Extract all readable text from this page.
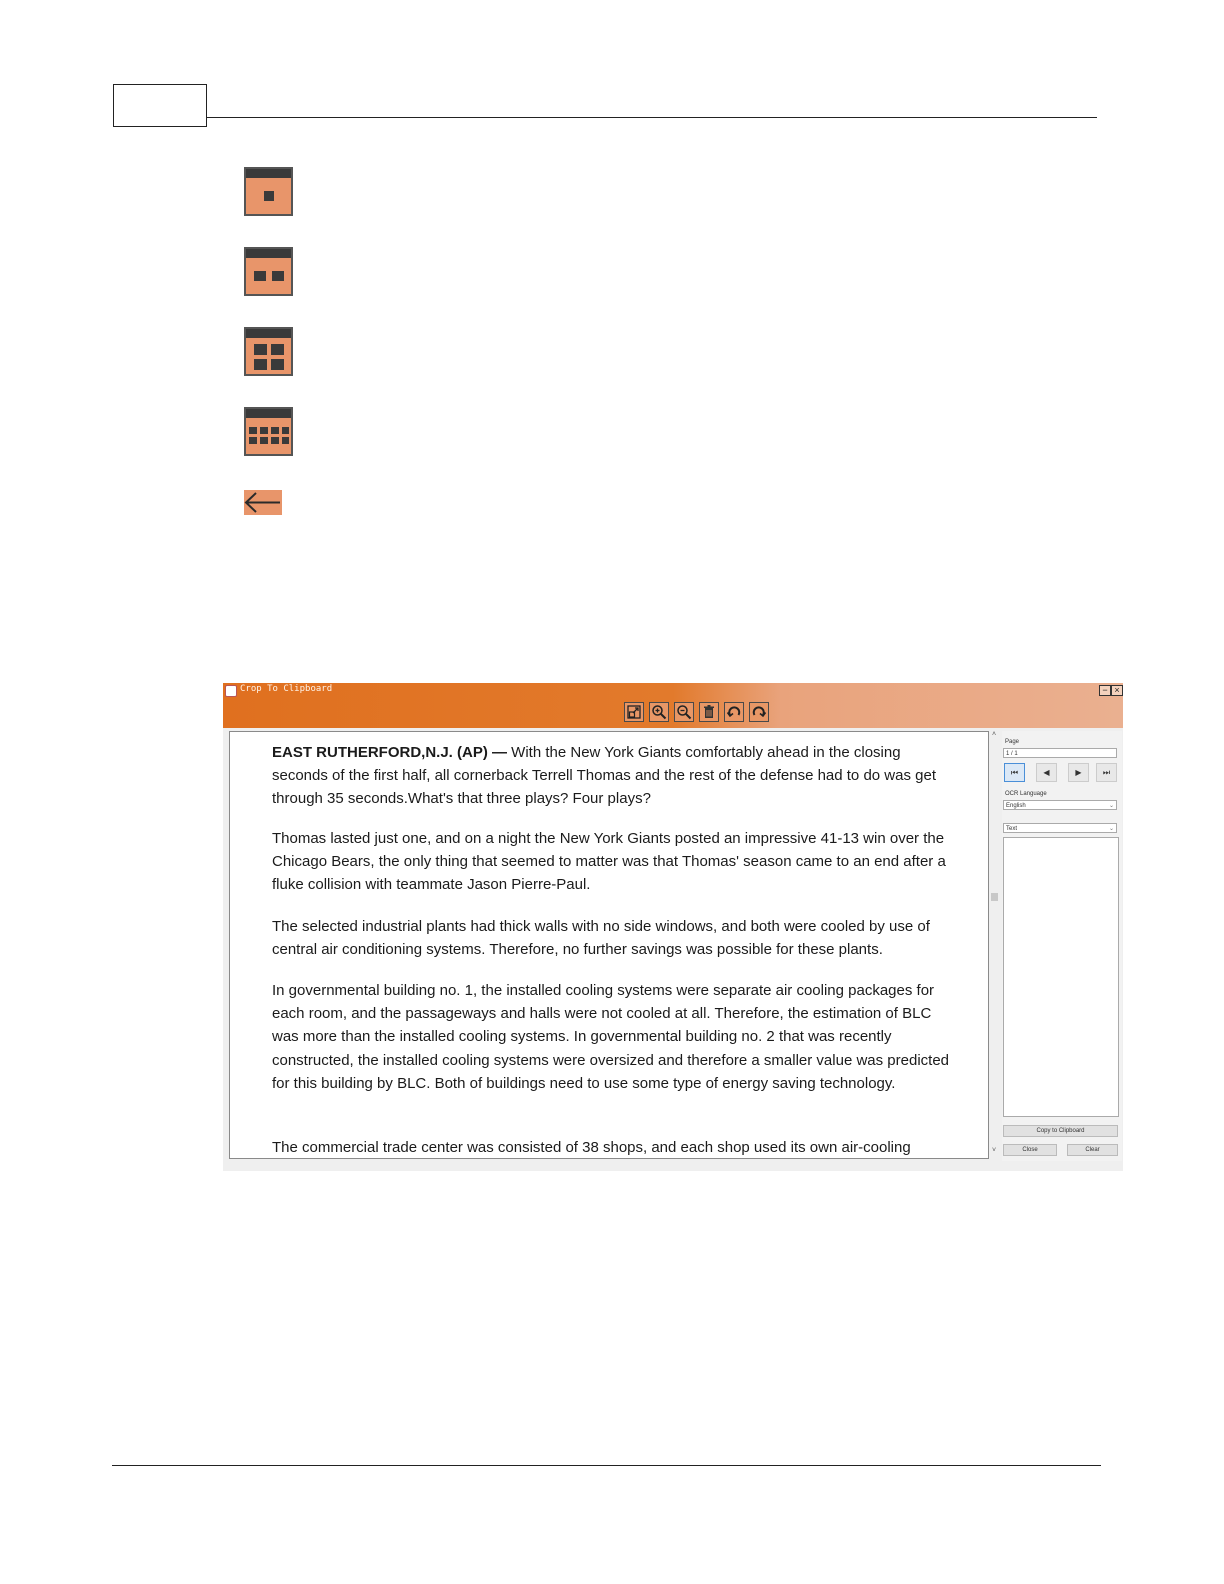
Crop To Clipboard	− ×

EAST RUTHERFORD,N.J. (AP) — With the New York Giants comfortably ahead in the closing seconds of the first half, all cornerback Terrell Thomas and the rest of the defense had to do was get through 35 seconds.What's that three plays? Four plays?

Thomas lasted just one, and on a night the New York Giants posted an impressive 41-13 win over the Chicago Bears, the only thing that seemed to matter was that Thomas' season came to an end after a fluke collision with teammate Jason Pierre-Paul.

The selected industrial plants had thick walls with no side windows, and both were cooled by use of central air conditioning systems. Therefore, no further savings was possible for these plants.

In governmental building no. 1, the installed cooling systems were separate air cooling packages for each room, and the passageways and halls were not cooled at all. Therefore, the estimation of BLC was more than the installed cooling systems. In governmental building no. 2 that was recently constructed, the installed cooling systems were oversized and therefore a smaller value was predicted for this building by BLC. Both of buildings need to use some type of energy saving technology.

The commercial trade center was consisted of 38 shops, and each shop used its own air-cooling

˄
˅
Page
1 / 1
⏮	◀	▶	⏭
OCR Language
English	⌄
Text	⌄
Copy to Clipboard
Close	Clear
